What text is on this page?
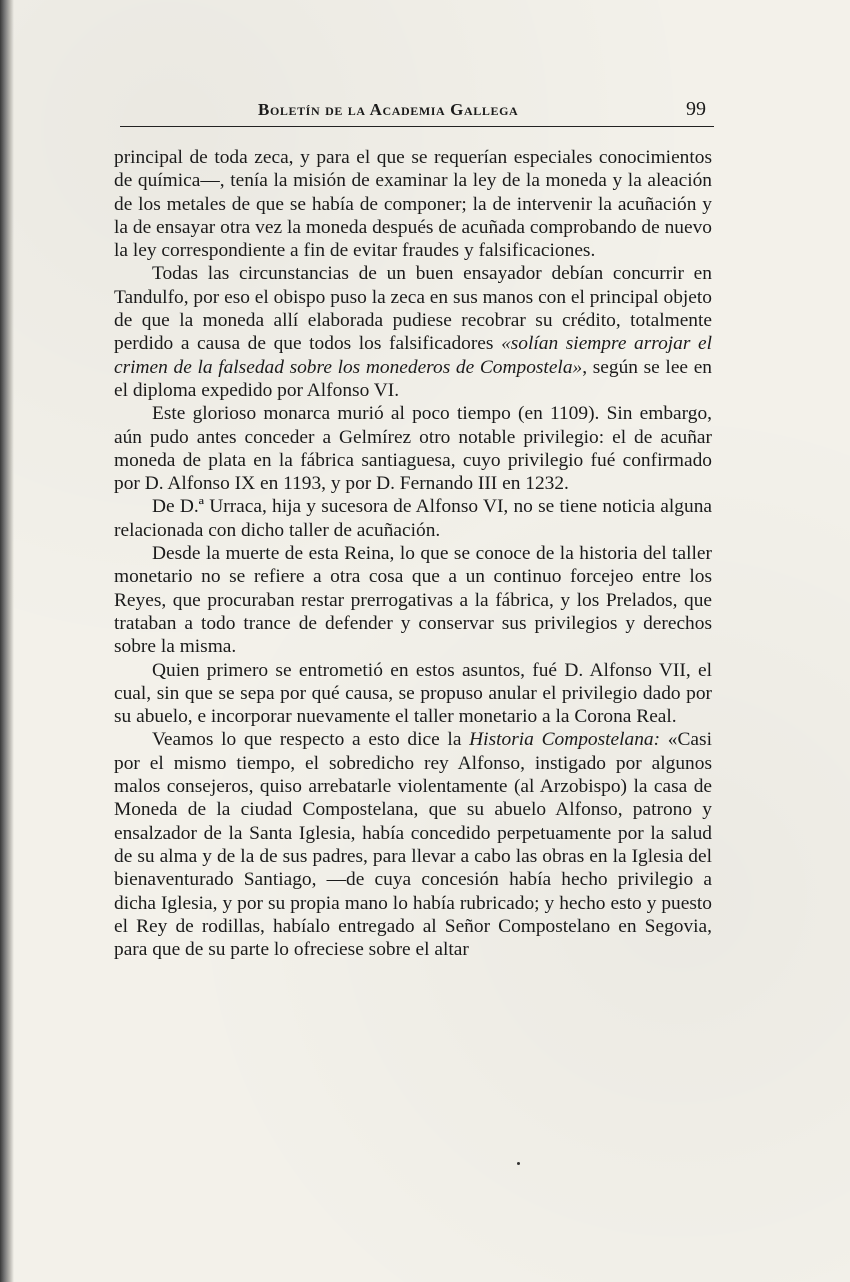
Boletín de la Academia Gallega	99

principal de toda zeca, y para el que se requerían especiales conocimientos de química—, tenía la misión de examinar la ley de la moneda y la aleación de los metales de que se había de componer; la de intervenir la acuñación y la de ensayar otra vez la moneda después de acuñada comprobando de nuevo la ley correspondiente a fin de evitar fraudes y falsificaciones.

Todas las circunstancias de un buen ensayador debían concurrir en Tandulfo, por eso el obispo puso la zeca en sus manos con el principal objeto de que la moneda allí elaborada pudiese recobrar su crédito, totalmente perdido a causa de que todos los falsificadores «solían siempre arrojar el crimen de la falsedad sobre los monederos de Compostela», según se lee en el diploma expedido por Alfonso VI.

Este glorioso monarca murió al poco tiempo (en 1109). Sin embargo, aún pudo antes conceder a Gelmírez otro notable privilegio: el de acuñar moneda de plata en la fábrica santiaguesa, cuyo privilegio fué confirmado por D. Alfonso IX en 1193, y por D. Fernando III en 1232.

De D.ª Urraca, hija y sucesora de Alfonso VI, no se tiene noticia alguna relacionada con dicho taller de acuñación.

Desde la muerte de esta Reina, lo que se conoce de la historia del taller monetario no se refiere a otra cosa que a un continuo forcejeo entre los Reyes, que procuraban restar prerrogativas a la fábrica, y los Prelados, que trataban a todo trance de defender y conservar sus privilegios y derechos sobre la misma.

Quien primero se entrometió en estos asuntos, fué D. Alfonso VII, el cual, sin que se sepa por qué causa, se propuso anular el privilegio dado por su abuelo, e incorporar nuevamente el taller monetario a la Corona Real.

Veamos lo que respecto a esto dice la Historia Compostelana: «Casi por el mismo tiempo, el sobredicho rey Alfonso, instigado por algunos malos consejeros, quiso arrebatarle violentamente (al Arzobispo) la casa de Moneda de la ciudad Compostelana, que su abuelo Alfonso, patrono y ensalzador de la Santa Iglesia, había concedido perpetuamente por la salud de su alma y de la de sus padres, para llevar a cabo las obras en la Iglesia del bienaventurado Santiago, —de cuya concesión había hecho privilegio a dicha Iglesia, y por su propia mano lo había rubricado; y hecho esto y puesto el Rey de rodillas, habíalo entregado al Señor Compostelano en Segovia, para que de su parte lo ofreciese sobre el altar
